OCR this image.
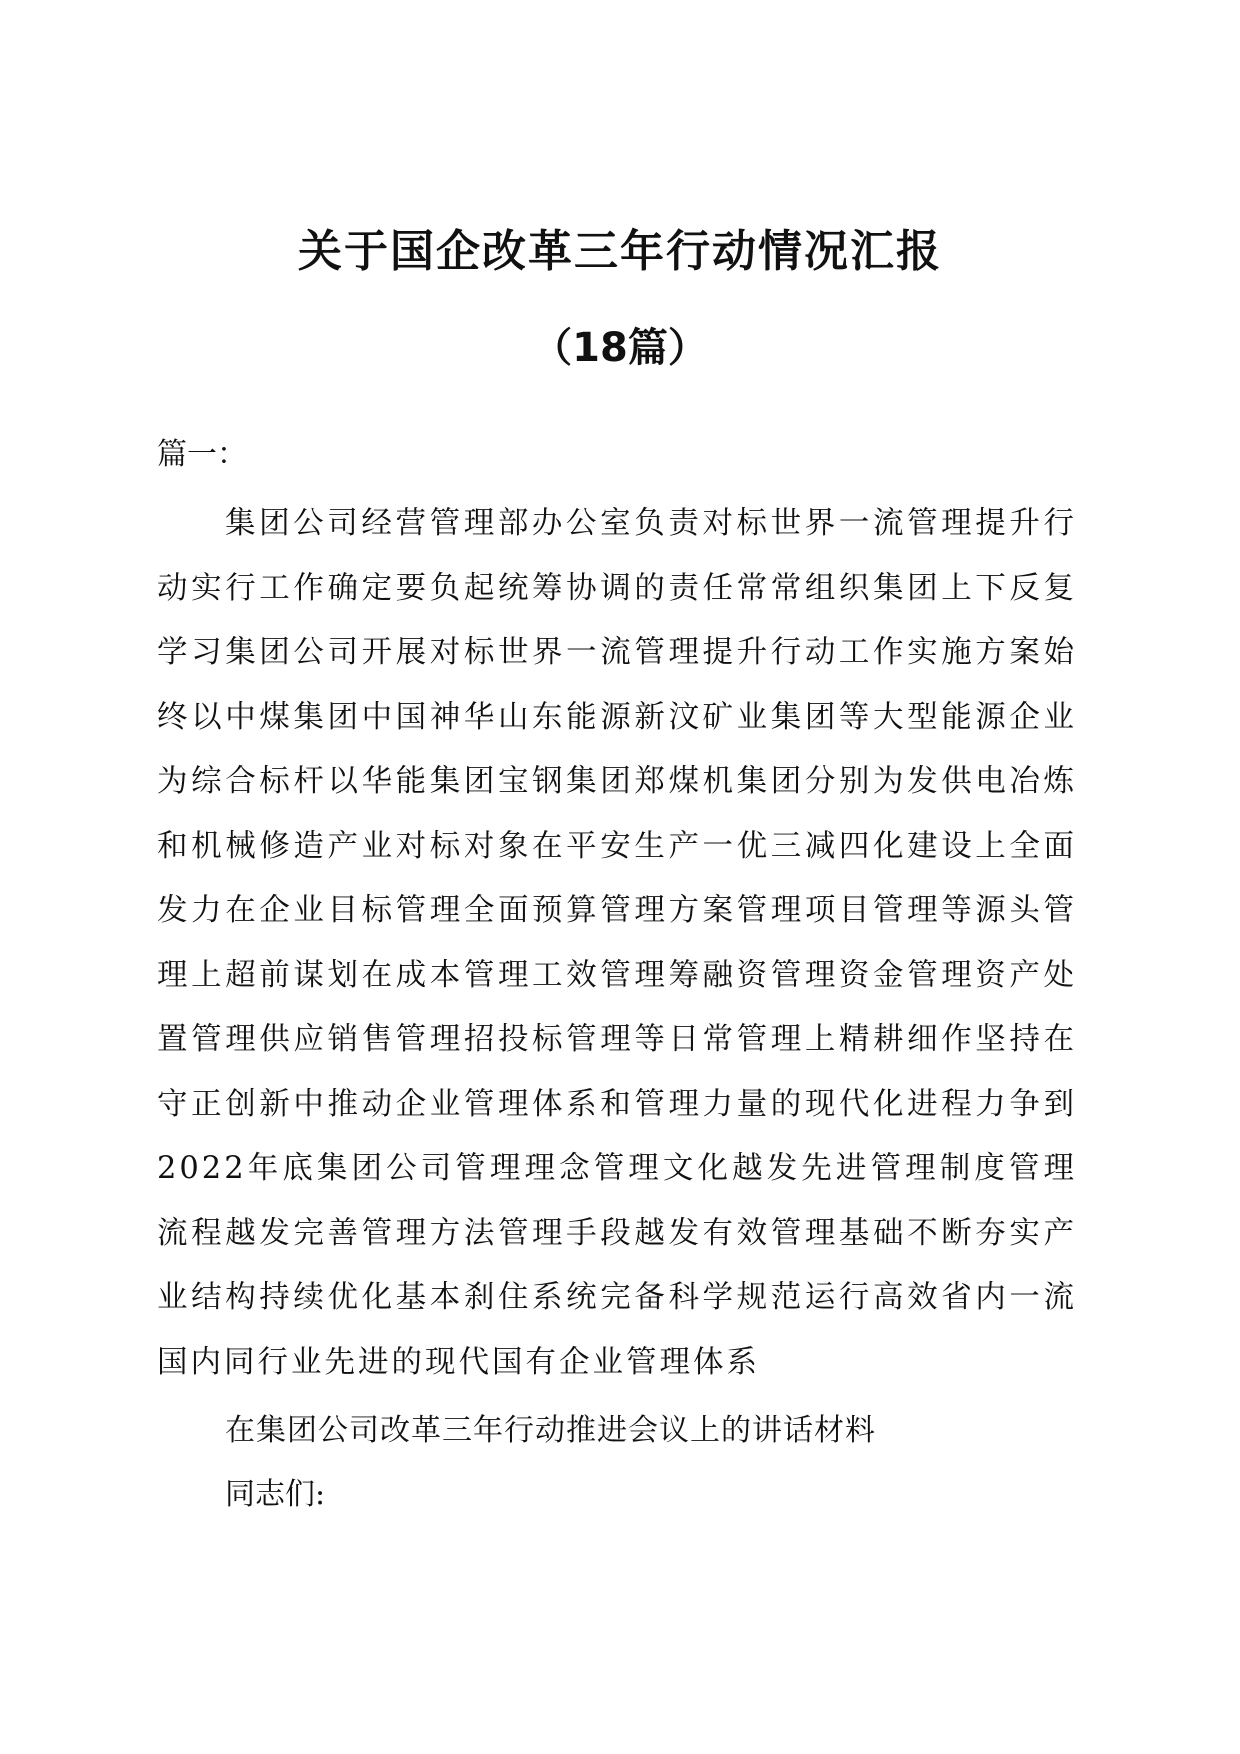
关于国企改革三年行动情况汇报
（18篇）

篇一：

集团公司经营管理部办公室负责对标世界一流管理提升行动实行工作确定要负起统筹协调的责任常常组织集团上下反复学习集团公司开展对标世界一流管理提升行动工作实施方案始终以中煤集团中国神华山东能源新汶矿业集团等大型能源企业为综合标杆以华能集团宝钢集团郑煤机集团分别为发供电冶炼和机械修造产业对标对象在平安生产一优三减四化建设上全面发力在企业目标管理全面预算管理方案管理项目管理等源头管理上超前谋划在成本管理工效管理筹融资管理资金管理资产处置管理供应销售管理招投标管理等日常管理上精耕细作坚持在守正创新中推动企业管理体系和管理力量的现代化进程力争到2022年底集团公司管理理念管理文化越发先进管理制度管理流程越发完善管理方法管理手段越发有效管理基础不断夯实产业结构持续优化基本刹住系统完备科学规范运行高效省内一流国内同行业先进的现代国有企业管理体系

在集团公司改革三年行动推进会议上的讲话材料

同志们:
